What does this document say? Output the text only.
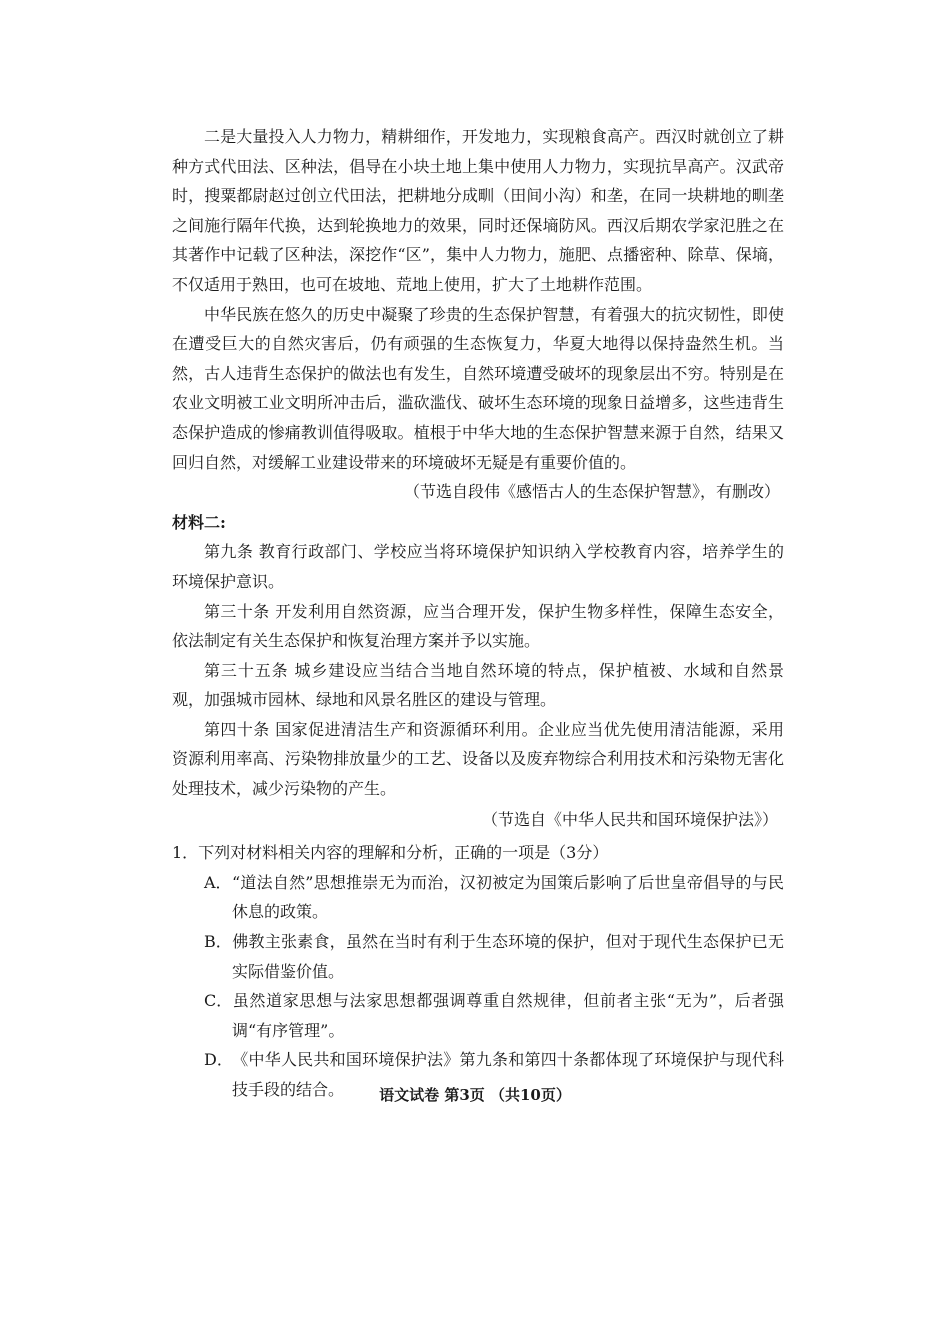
二是大量投入人力物力，精耕细作，开发地力，实现粮食高产。西汉时就创立了耕种方式代田法、区种法，倡导在小块土地上集中使用人力物力，实现抗旱高产。汉武帝时，搜粟都尉赵过创立代田法，把耕地分成甽（田间小沟）和垄，在同一块耕地的甽垄之间施行隔年代换，达到轮换地力的效果，同时还保墒防风。西汉后期农学家氾胜之在其著作中记载了区种法，深挖作“区”，集中人力物力，施肥、点播密种、除草、保墒，不仅适用于熟田，也可在坡地、荒地上使用，扩大了土地耕作范围。

中华民族在悠久的历史中凝聚了珍贵的生态保护智慧，有着强大的抗灾韧性，即使在遭受巨大的自然灾害后，仍有顽强的生态恢复力，华夏大地得以保持盎然生机。当然，古人违背生态保护的做法也有发生，自然环境遭受破坏的现象层出不穷。特别是在农业文明被工业文明所冲击后，滥砍滥伐、破坏生态环境的现象日益增多，这些违背生态保护造成的惨痛教训值得吸取。植根于中华大地的生态保护智慧来源于自然，结果又回归自然，对缓解工业建设带来的环境破坏无疑是有重要价值的。

（节选自段伟《感悟古人的生态保护智慧》，有删改）

材料二:

第九条 教育行政部门、学校应当将环境保护知识纳入学校教育内容，培养学生的环境保护意识。

第三十条 开发利用自然资源，应当合理开发，保护生物多样性，保障生态安全，依法制定有关生态保护和恢复治理方案并予以实施。

第三十五条 城乡建设应当结合当地自然环境的特点，保护植被、水域和自然景观，加强城市园林、绿地和风景名胜区的建设与管理。

第四十条 国家促进清洁生产和资源循环利用。企业应当优先使用清洁能源，采用资源利用率高、污染物排放量少的工艺、设备以及废弃物综合利用技术和污染物无害化处理技术，减少污染物的产生。

（节选自《中华人民共和国环境保护法》）

1．下列对材料相关内容的理解和分析，正确的一项是（3分）

A．“道法自然”思想推崇无为而治，汉初被定为国策后影响了后世皇帝倡导的与民休息的政策。
B．佛教主张素食，虽然在当时有利于生态环境的保护，但对于现代生态保护已无实际借鉴价值。
C．虽然道家思想与法家思想都强调尊重自然规律，但前者主张“无为”，后者强调“有序管理”。
D．《中华人民共和国环境保护法》第九条和第四十条都体现了环境保护与现代科技手段的结合。	语文试卷 第3页 （共10页）
